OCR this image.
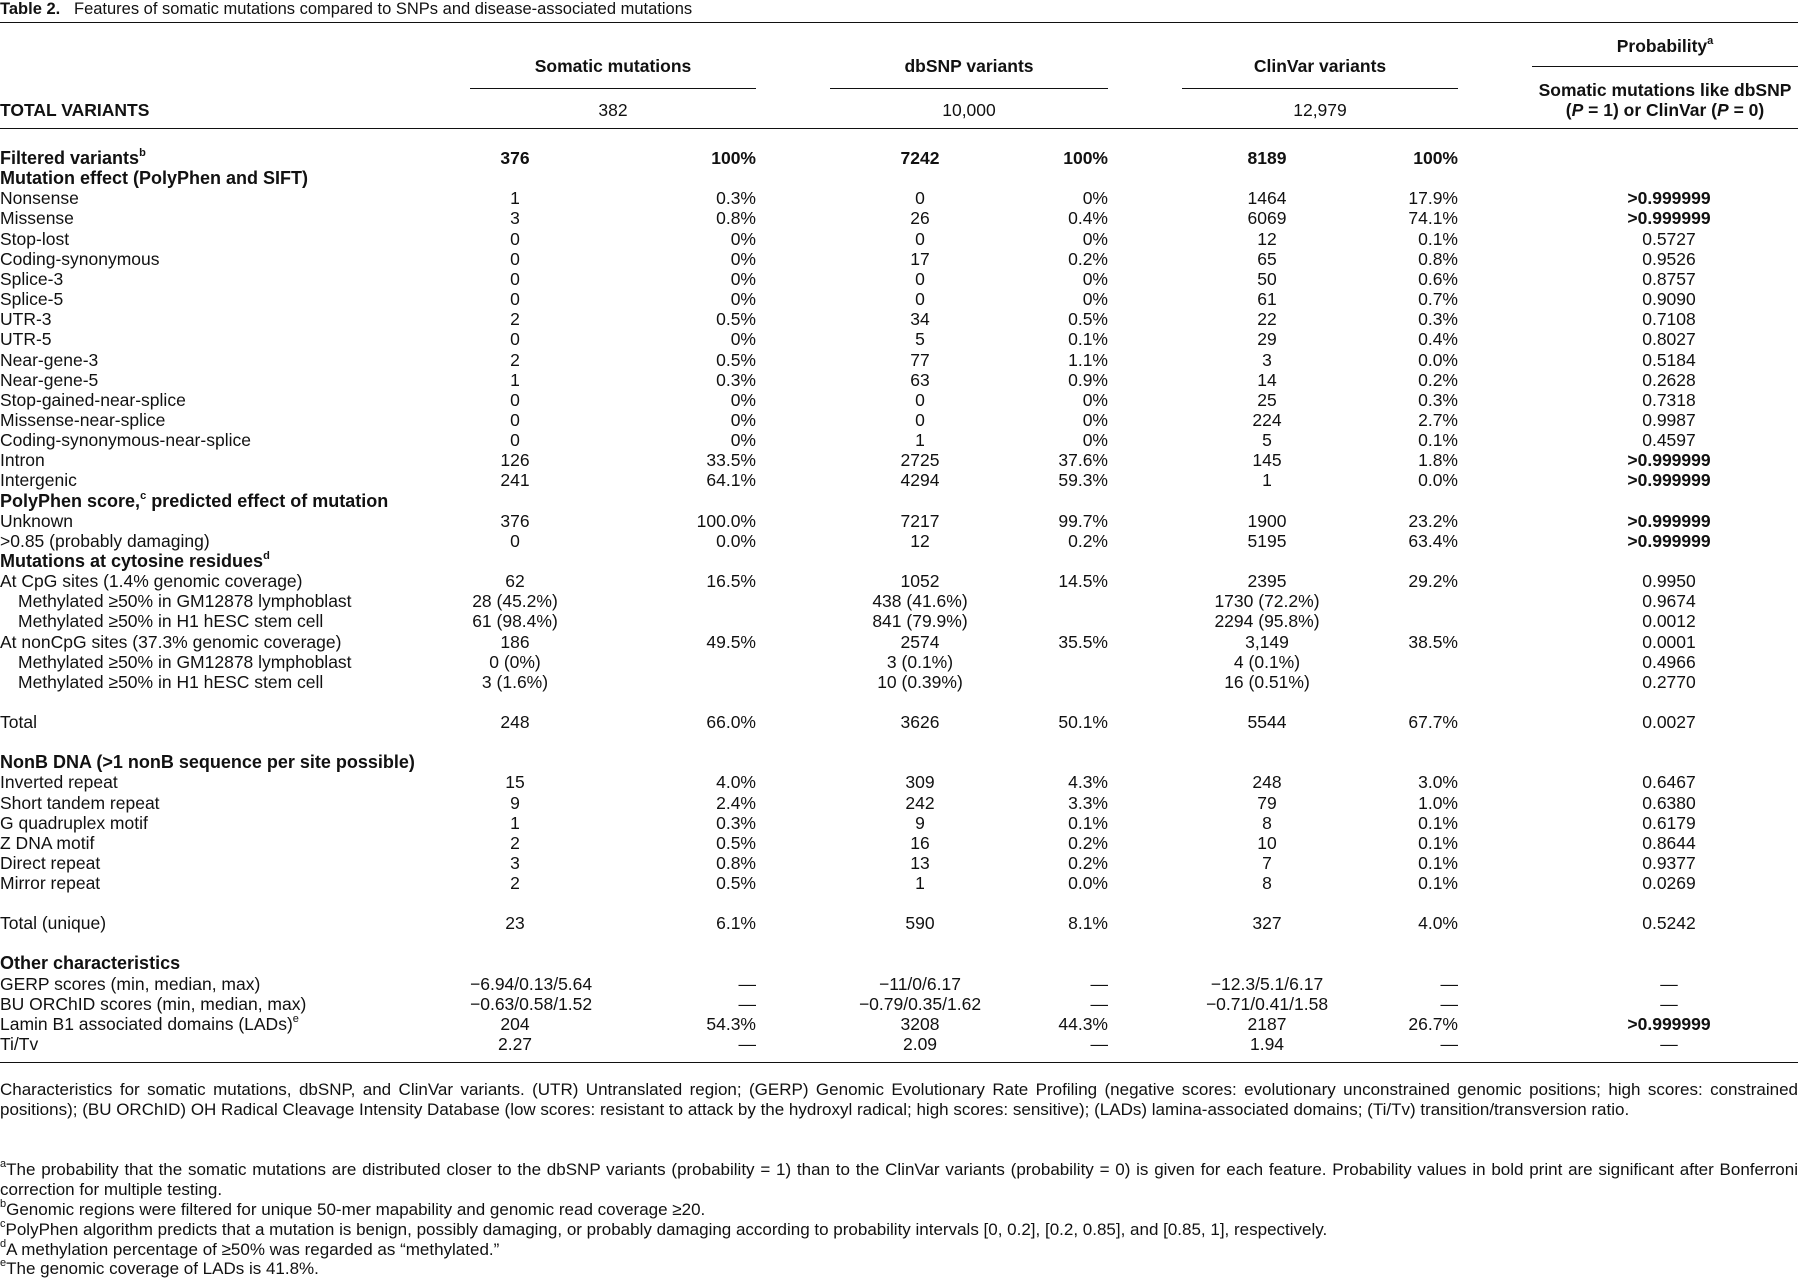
Table 2. Features of somatic mutations compared to SNPs and disease-associated mutations
Somatic mutations	dbSNP variants	ClinVar variants
Probability$^a$
Somatic mutations like dbSNP
(P = 1) or ClinVar (P = 0)
TOTAL VARIANTS	382	10,000	12,979
Filtered variants$^b$	376	100%	7242	100%	8189	100%
Mutation effect (PolyPhen and SIFT)
Nonsense	1	0.3%	0	0%	1464	17.9%	>0.999999
Missense	3	0.8%	26	0.4%	6069	74.1%	>0.999999
Stop-lost	0	0%	0	0%	12	0.1%	0.5727
Coding-synonymous	0	0%	17	0.2%	65	0.8%	0.9526
Splice-3	0	0%	0	0%	50	0.6%	0.8757
Splice-5	0	0%	0	0%	61	0.7%	0.9090
UTR-3	2	0.5%	34	0.5%	22	0.3%	0.7108
UTR-5	0	0%	5	0.1%	29	0.4%	0.8027
Near-gene-3	2	0.5%	77	1.1%	3	0.0%	0.5184
Near-gene-5	1	0.3%	63	0.9%	14	0.2%	0.2628
Stop-gained-near-splice	0	0%	0	0%	25	0.3%	0.7318
Missense-near-splice	0	0%	0	0%	224	2.7%	0.9987
Coding-synonymous-near-splice	0	0%	1	0%	5	0.1%	0.4597
Intron	126	33.5%	2725	37.6%	145	1.8%	>0.999999
Intergenic	241	64.1%	4294	59.3%	1	0.0%	>0.999999
PolyPhen score,$^c$ predicted effect of mutation
Unknown	376	100.0%	7217	99.7%	1900	23.2%	>0.999999
>0.85 (probably damaging)	0	0.0%	12	0.2%	5195	63.4%	>0.999999
Mutations at cytosine residues$^d$
At CpG sites (1.4% genomic coverage)	62	16.5%	1052	14.5%	2395	29.2%	0.9950
Methylated ≥50% in GM12878 lymphoblast	28 (45.2%)	438 (41.6%)	1730 (72.2%)	0.9674
Methylated ≥50% in H1 hESC stem cell	61 (98.4%)	841 (79.9%)	2294 (95.8%)	0.0012
At nonCpG sites (37.3% genomic coverage)	186	49.5%	2574	35.5%	3,149	38.5%	0.0001
Methylated ≥50% in GM12878 lymphoblast	0 (0%)	3 (0.1%)	4 (0.1%)	0.4966
Methylated ≥50% in H1 hESC stem cell	3 (1.6%)	10 (0.39%)	16 (0.51%)	0.2770
Total	248	66.0%	3626	50.1%	5544	67.7%	0.0027
NonB DNA (>1 nonB sequence per site possible)
Inverted repeat	15	4.0%	309	4.3%	248	3.0%	0.6467
Short tandem repeat	9	2.4%	242	3.3%	79	1.0%	0.6380
G quadruplex motif	1	0.3%	9	0.1%	8	0.1%	0.6179
Z DNA motif	2	0.5%	16	0.2%	10	0.1%	0.8644
Direct repeat	3	0.8%	13	0.2%	7	0.1%	0.9377
Mirror repeat	2	0.5%	1	0.0%	8	0.1%	0.0269
Total (unique)	23	6.1%	590	8.1%	327	4.0%	0.5242
Other characteristics
GERP scores (min, median, max)	−6.94/0.13/5.64	—	−11/0/6.17	—	−12.3/5.1/6.17	—	—
BU ORChID scores (min, median, max)	−0.63/0.58/1.52	—	−0.79/0.35/1.62	—	−0.71/0.41/1.58	—	—
Lamin B1 associated domains (LADs)$^e$	204	54.3%	3208	44.3%	2187	26.7%	>0.999999
Ti/Tv	2.27	—	2.09	—	1.94	—	—
Characteristics for somatic mutations, dbSNP, and ClinVar variants. (UTR) Untranslated region; (GERP) Genomic Evolutionary Rate Profiling (negative scores: evolutionary unconstrained genomic positions; high scores: constrained positions); (BU ORChID) OH Radical Cleavage Intensity Database (low scores: resistant to attack by the hydroxyl radical; high scores: sensitive); (LADs) lamina-associated domains; (Ti/Tv) transition/transversion ratio.
$^a$The probability that the somatic mutations are distributed closer to the dbSNP variants (probability = 1) than to the ClinVar variants (probability = 0) is given for each feature. Probability values in bold print are significant after Bonferroni correction for multiple testing.
$^b$Genomic regions were filtered for unique 50-mer mapability and genomic read coverage ≥20.
$^c$PolyPhen algorithm predicts that a mutation is benign, possibly damaging, or probably damaging according to probability intervals [0, 0.2], [0.2, 0.85], and [0.85, 1], respectively.
$^d$A methylation percentage of ≥50% was regarded as “methylated.”
$^e$The genomic coverage of LADs is 41.8%.
